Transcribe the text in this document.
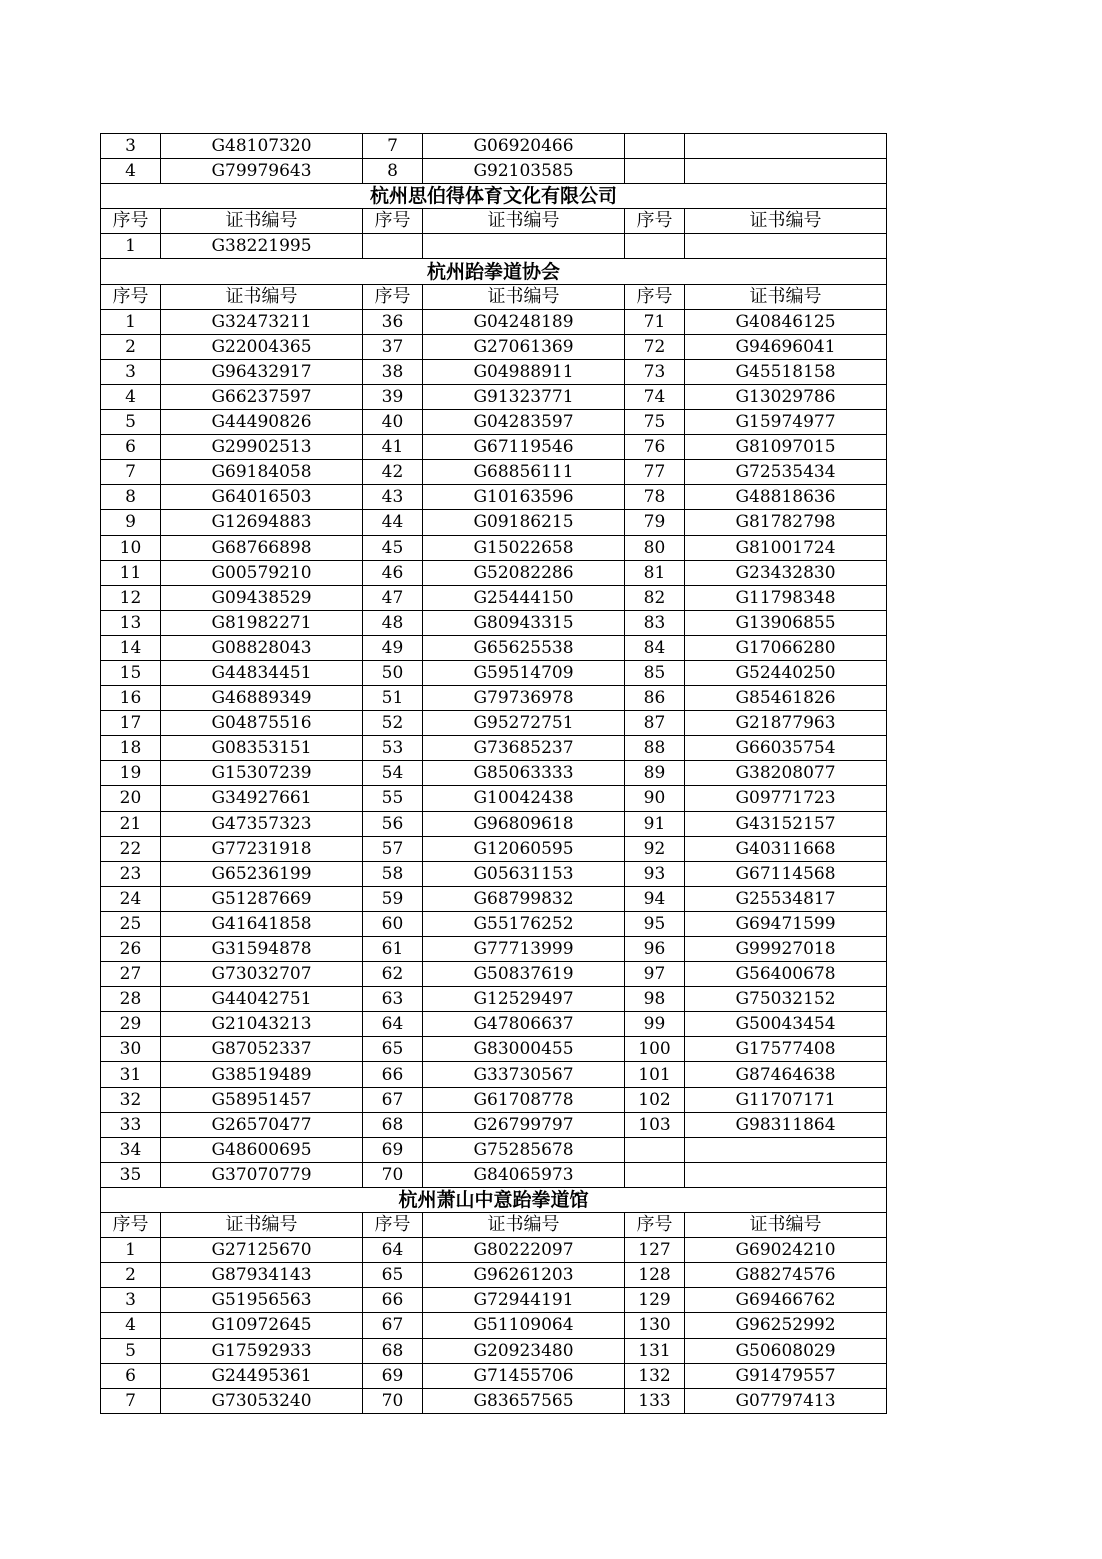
3	G48107320	7	G06920466		
4	G79979643	8	G92103585		
杭州思伯得体育文化有限公司					
序号	证书编号	序号	证书编号	序号	证书编号
1	G38221995				
杭州跆拳道协会					
序号	证书编号	序号	证书编号	序号	证书编号
1	G32473211	36	G04248189	71	G40846125
2	G22004365	37	G27061369	72	G94696041
3	G96432917	38	G04988911	73	G45518158
4	G66237597	39	G91323771	74	G13029786
5	G44490826	40	G04283597	75	G15974977
6	G29902513	41	G67119546	76	G81097015
7	G69184058	42	G68856111	77	G72535434
8	G64016503	43	G10163596	78	G48818636
9	G12694883	44	G09186215	79	G81782798
10	G68766898	45	G15022658	80	G81001724
11	G00579210	46	G52082286	81	G23432830
12	G09438529	47	G25444150	82	G11798348
13	G81982271	48	G80943315	83	G13906855
14	G08828043	49	G65625538	84	G17066280
15	G44834451	50	G59514709	85	G52440250
16	G46889349	51	G79736978	86	G85461826
17	G04875516	52	G95272751	87	G21877963
18	G08353151	53	G73685237	88	G66035754
19	G15307239	54	G85063333	89	G38208077
20	G34927661	55	G10042438	90	G09771723
21	G47357323	56	G96809618	91	G43152157
22	G77231918	57	G12060595	92	G40311668
23	G65236199	58	G05631153	93	G67114568
24	G51287669	59	G68799832	94	G25534817
25	G41641858	60	G55176252	95	G69471599
26	G31594878	61	G77713999	96	G99927018
27	G73032707	62	G50837619	97	G56400678
28	G44042751	63	G12529497	98	G75032152
29	G21043213	64	G47806637	99	G50043454
30	G87052337	65	G83000455	100	G17577408
31	G38519489	66	G33730567	101	G87464638
32	G58951457	67	G61708778	102	G11707171
33	G26570477	68	G26799797	103	G98311864
34	G48600695	69	G75285678		
35	G37070779	70	G84065973		
杭州萧山中意跆拳道馆					
序号	证书编号	序号	证书编号	序号	证书编号
1	G27125670	64	G80222097	127	G69024210
2	G87934143	65	G96261203	128	G88274576
3	G51956563	66	G72944191	129	G69466762
4	G10972645	67	G51109064	130	G96252992
5	G17592933	68	G20923480	131	G50608029
6	G24495361	69	G71455706	132	G91479557
7	G73053240	70	G83657565	133	G07797413
